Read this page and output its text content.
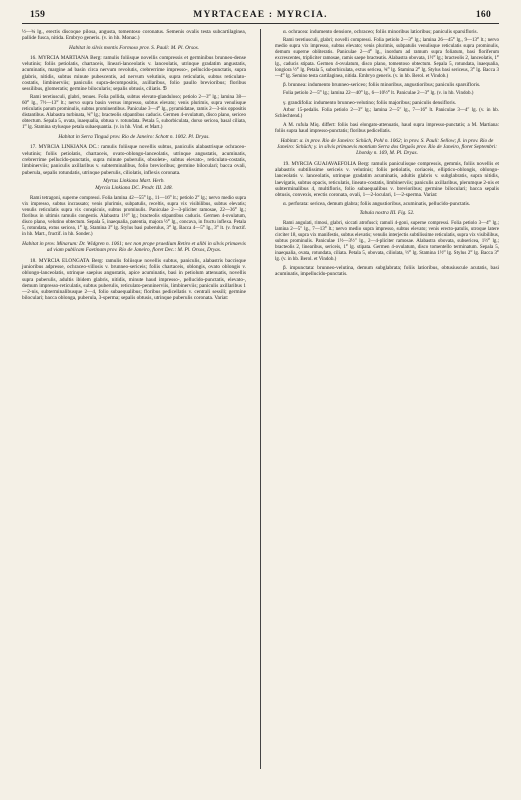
159	MYRTACEAE : MYRCIA.	160

½—¾ lg., erectis discoque pilosa, angusta, tomentoso coronatus. Semenis ovalis testa subcartilaginea, pallide fusca, nitida. Embryo generis. (v. in hb. Monac.)

Habitat in silvis montis Formoso prov. S. Pauli: M. Pl. Orsos.

16. MYRCIA MARTIANA Berg: ramulis foliisque novellis compressis et germinibus brunneo-dense velutinis; foliis petiolatis, chartaceis, lineari-lanceolatis v. lanceolatis, utrinque gradatim angustatis, acuminatis, margine ad basin circa nervum revolutis, crebrerrime impresso-, pellucido-punctatis, supra glabris, nitidis, subtus minute pubescentis, ad nervum velutinis, supra reticulatis, subtus reticulato-costatis, limbinerviis; paniculis supra-decompositis, axillaribus, folio paullo brevioribus; floribus sessilibus, glomeratis; germine bilocularis; sepalis obtusis, ciliatis. 𝔅

Rami teretiusculi, glabri, tenues. Folia pollida, subtus elevato-glanduloso; petiolo 2—3‴ lg.; lamina 38—60‴ lg., 7½—13‴ lt.; nervo supra basin versus impresso, subtus elevato; venis plurimis, supra venulisque reticulatis parum prominulis, subtus prominentibus. Paniculae 3—4‴ lg., pyramidatae, ramis 2—3-nis oppositis distantibus. Alabastra turbinata, ¾‴ lg.; bracteolis stipantibus caducis. Germen 4-ovulatum, disco plano, sericeo obtectum. Sepala 5, ovata, inaequalia, obtusa v. rotundata. Petala 5, suborbiculata, dorso sericea, basal ciliata, 1‴ lg. Stamina stylusque petala subaequantia. (v. in hb. Vind. et Mart.)

Habitat in Serra Tinguá prov. Rio de Janeiro: Schott n. 1002. Pl. Dryas.

17. MYRCIA LINKIANA DC.: ramulis foliisque novellis subtus, paniculis alabastrisque ochraceo-velutinis; foliis petiolatis, chartaceis, ovato-oblongo-lanceolatis, utrinque angustatis, acuminatis, crebrerrime pellucido-punctatis, supra minute puberulis, obsolete-, subtus elevato-, reticulato-costatis, limbinerviis; paniculis axillaribus v. subterminalibus, folio brevioribus; germine biloculari; bacca ovali, puberula, sepalis rotundatis, utrinque puberulis, ciliolatis, inflexis coronata.

Myrtus Linkiana Mart. Herb.

Myrcia Linkiana DC. Prodr. III. 248.

Rami tetragoni, superne compressi. Folia lamina 42—55‴ lg., 11—16‴ lt.; petiolo 2‴ lg.; nervo medio supra vix impresso, subtus incrassato; venis plurimis, subpatulis, receltis, supra vix visibilibus, subtus elevatis; venulis reticulatis supra vix conspicuis, subtus prominulis. Paniculae 2—3-pliciter ramosae, 22—36‴ lg.; floribus in ultimis ramulis congestis. Alabastra 1½‴ lg.; bracteolis stipantibus caducis. Germen 4-ovulatum, disco plano, velutino obtectum. Sepala 5, inaequalia, patentia, majora ½‴ lg., concava, in fructu inflexa. Petala 5, rotundata, extus sericea, 1‴ lg. Stamina 3‴ lg. Stylus basi puberulus, 3‴ lg. Bacca 4—5‴ lg., 3‴ lt. (v. fructif. in hb. Mart., fructif. in hb. Sonder.)

Habitat in prov. Minarum: Dr. Widgren n. 1061; nec non prope praedium Retiro et alibi in silvis primaevis ad viam publicam Faetinam prov. Rio de Janeiro, floret Dec.: M. Pl. Orsos, Dryas.

18. MYRCIA ELONGATA Berg: ramulis foliisque novellis subtus, paniculis, alabastris baccisque junioribus adpresse, ochraceo-villosis v. brunneo-sericeis; foliis chartaceis, oblongis, ovato oblongis v. oblongo-lanceolatis, utrinque saepius angustatis, apice acuminatis, basi in petiolum attenuatis, novellis supra puberulis, adultis ibidem glabris, nitidis, minute haud impresso-, pellucido-punctatis, elevato-, demum impresso-reticulatis, subtus puberulis, reticulato-penninerviis, limbinerviis; paniculis axillaribus 1—2-nis, subterminalibusque 2—4, folio subaequalibus; floribus pedicellatis v. centrali sessili; germine biloculari; bacca oblonga, puberula, 3-sperma; sepalis obtusis, utrinque puberulis coronata. Variat:

α. ochracea: indumento densiore, ochraceo; foliis minoribus latioribus; paniculis sparsifloris.

Rami teretiusculi, glabri; novelli compressi. Folia petiolo 2—3‴ lg.; lamina 26—45‴ lg., 9—13‴ lt.; nervo medio supra vix impresso, subtus elevato; venis plurimis, subpatulis venulisque reticulatis supra prominulis, demum superne obliteratis. Paniculae 2—4‴ lg., inordum ad ramum supra foliatum, basi floriferum excrescentes, tripliciter ramosae, ramis saepe bracteatis. Alabastra obovata, 1½‴ lg.; bracteolis 2, lanceolatis, 1‴ lg., caducis stipata. Germen 4-ovulatum, disco plano, tomentoso obtectum. Sepala 5, rotundata, inaequalia, longiora ½‴ lg. Petala 5, suborbiculata, extus sericea, ¾‴ lg. Stamina 2‴ lg. Stylus basi sericeus, 3‴ lg. Bacca 3—4‴ lg. Semino testa cartilaginea, nitida. Embryo generis. (v. in hb. Berol. et Vindob.)

β. brunnea: indumento brunneo-sericeo; foliis minoribus, angustioribus; paniculis sparsifloris.

Folia petiolo 2—5‴ lg.; lamina 22—40‴ lg., 6—10½‴ lt. Paniculae 2—3‴ lg. (v. in hb. Vindob.)

γ. grandifolia: indumento brunneo-velutino; foliis majoribus; paniculis densifloris.

Arbor 15-pedalis. Folia petiolo 2—3‴ lg.; lamina 2—5″ lg., 7—16‴ lt. Paniculae 3—4″ lg. (v. in hb. Schlechtend.)

A M. rufula Miq. differt: foliis basi elongato-attenuatis, haud supra impresso-punctatis; a M. Martiana: foliis supra haud impresso-punctatis; floribus pedicellatis.

Habitat: α. in prov. Rio de Janeiro: Schüch, Pohl n. 1062; in prov. S. Pauli: Sellow; β. in prov. Rio de Janeiro: Schüch; γ. in silvis primaevis montium Serra dos Orgaõs prov. Rio de Janeiro, floret Septembri: Lhotsky n. 169, M. Pl. Dryas.

19. MYRCIA GUAJAVAEFOLIA Berg: ramulis paniculisque compressis, gemmis, foliis novellis et alabastris subtilissime sericeis v. velutinis; foliis petiolatis, coriaceis, elliptico-oblongis, oblongo-lanceolatis v. lanceolatis, utrinque gradatim acuminatis, adultis glabris v. subglabratis, supra nitidis, laevigatis, subtus opacis, reticulatis, lineato-costatis, limbinerviis; paniculis axillaribus, plerumque 2-nis et subterminalibus 4, multifloris, folio subaequalibus v. brevioribus; germine biloculari; bacca sepalis obtusis, convexis, erectis coronata, ovali, 1—2-loculari, 1—2-sperma. Variat:

α. perforata: sericea, demum glabra; foliis angustioribus, acuminatis, pellucido-punctatis.

Tabula nostra III. Fig. 52.

Rami angulati, rimosi, glabri, siccati atrofusci; ramuli 4-goni, superne compressi. Folia petiolo 3—4‴ lg.; lamina 2—5″ lg., 7—13‴ lt.; nervo medio supra impresso, subtus elevato; venis erecto-patulis, utroque latere circiter 18, supra vix manifestis, subtus elevatis; venulis interjectis subtilissime reticulatis, supra vix visibilibus, subtus prominulis. Paniculae 1½—3½″ lg., 2—4-pliciter ramosae. Alabastra obovata, subsericea, 1½‴ lg.; bracteolis 2, linearibus, sericeis, 1‴ lg. stipata. Germen 4-ovulatum, disco tomentello terminatum. Sepala 5, inaequalia, ovata, rotundata, ciliata. Petala 5, obovata, ciliolata, ½‴ lg. Stamina 1½‴ lg. Stylus 2‴ lg. Bacca 3‴ lg. (v. in hb. Berol. et Vindob.)

β. impunctata: brunneo-velutina, demum subglabrata; foliis latioribus, obtusiuscule acutatis, basi acuminatis, impellucido-punctatis.
